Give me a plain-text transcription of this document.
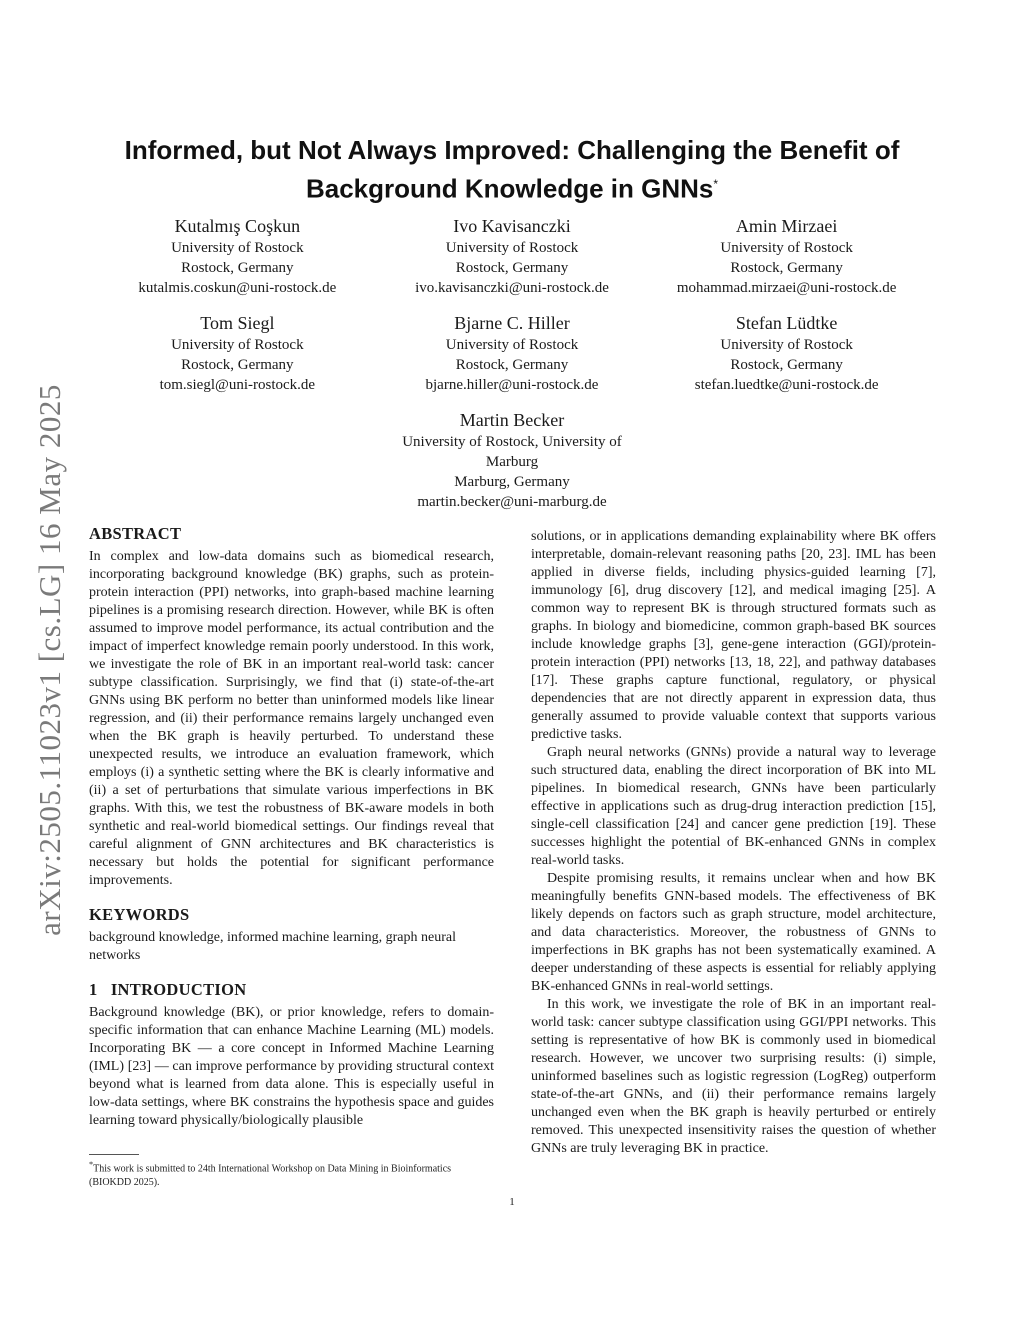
arXiv:2505.11023v1 [cs.LG] 16 May 2025
Informed, but Not Always Improved: Challenging the Benefit of Background Knowledge in GNNs*
Kutalmış Coşkun
University of Rostock
Rostock, Germany
kutalmis.coskun@uni-rostock.de
Ivo Kavisanczki
University of Rostock
Rostock, Germany
ivo.kavisanczki@uni-rostock.de
Amin Mirzaei
University of Rostock
Rostock, Germany
mohammad.mirzaei@uni-rostock.de
Tom Siegl
University of Rostock
Rostock, Germany
tom.siegl@uni-rostock.de
Bjarne C. Hiller
University of Rostock
Rostock, Germany
bjarne.hiller@uni-rostock.de
Stefan Lüdtke
University of Rostock
Rostock, Germany
stefan.luedtke@uni-rostock.de
Martin Becker
University of Rostock, University of Marburg
Marburg, Germany
martin.becker@uni-marburg.de
ABSTRACT

In complex and low-data domains such as biomedical research, incorporating background knowledge (BK) graphs, such as protein-protein interaction (PPI) networks, into graph-based machine learning pipelines is a promising research direction. However, while BK is often assumed to improve model performance, its actual contribution and the impact of imperfect knowledge remain poorly understood. In this work, we investigate the role of BK in an important real-world task: cancer subtype classification. Surprisingly, we find that (i) state-of-the-art GNNs using BK perform no better than uninformed models like linear regression, and (ii) their performance remains largely unchanged even when the BK graph is heavily perturbed. To understand these unexpected results, we introduce an evaluation framework, which employs (i) a synthetic setting where the BK is clearly informative and (ii) a set of perturbations that simulate various imperfections in BK graphs. With this, we test the robustness of BK-aware models in both synthetic and real-world biomedical settings. Our findings reveal that careful alignment of GNN architectures and BK characteristics is necessary but holds the potential for significant performance improvements.

KEYWORDS

background knowledge, informed machine learning, graph neural networks

1   INTRODUCTION

Background knowledge (BK), or prior knowledge, refers to domain-specific information that can enhance Machine Learning (ML) models. Incorporating BK — a core concept in Informed Machine Learning (IML) [23] — can improve performance by providing structural context beyond what is learned from data alone. This is especially useful in low-data settings, where BK constrains the hypothesis space and guides learning toward physically/biologically plausible

solutions, or in applications demanding explainability where BK offers interpretable, domain-relevant reasoning paths [20, 23]. IML has been applied in diverse fields, including physics-guided learning [7], immunology [6], drug discovery [12], and medical imaging [25]. A common way to represent BK is through structured formats such as graphs. In biology and biomedicine, common graph-based BK sources include knowledge graphs [3], gene-gene interaction (GGI)/protein-protein interaction (PPI) networks [13, 18, 22], and pathway databases [17]. These graphs capture functional, regulatory, or physical dependencies that are not directly apparent in expression data, thus generally assumed to provide valuable context that supports various predictive tasks.

Graph neural networks (GNNs) provide a natural way to leverage such structured data, enabling the direct incorporation of BK into ML pipelines. In biomedical research, GNNs have been particularly effective in applications such as drug-drug interaction prediction [15], single-cell classification [24] and cancer gene prediction [19]. These successes highlight the potential of BK-enhanced GNNs in complex real-world tasks.

Despite promising results, it remains unclear when and how BK meaningfully benefits GNN-based models. The effectiveness of BK likely depends on factors such as graph structure, model architecture, and data characteristics. Moreover, the robustness of GNNs to imperfections in BK graphs has not been systematically examined. A deeper understanding of these aspects is essential for reliably applying BK-enhanced GNNs in real-world settings.

In this work, we investigate the role of BK in an important real-world task: cancer subtype classification using GGI/PPI networks. This setting is representative of how BK is commonly used in biomedical research. However, we uncover two surprising results: (i) simple, uninformed baselines such as logistic regression (LogReg) outperform state-of-the-art GNNs, and (ii) their performance remains largely unchanged even when the BK graph is heavily perturbed or entirely removed. This unexpected insensitivity raises the question of whether GNNs are truly leveraging BK in practice.

*This work is submitted to 24th International Workshop on Data Mining in Bioinformatics (BIOKDD 2025).
1
